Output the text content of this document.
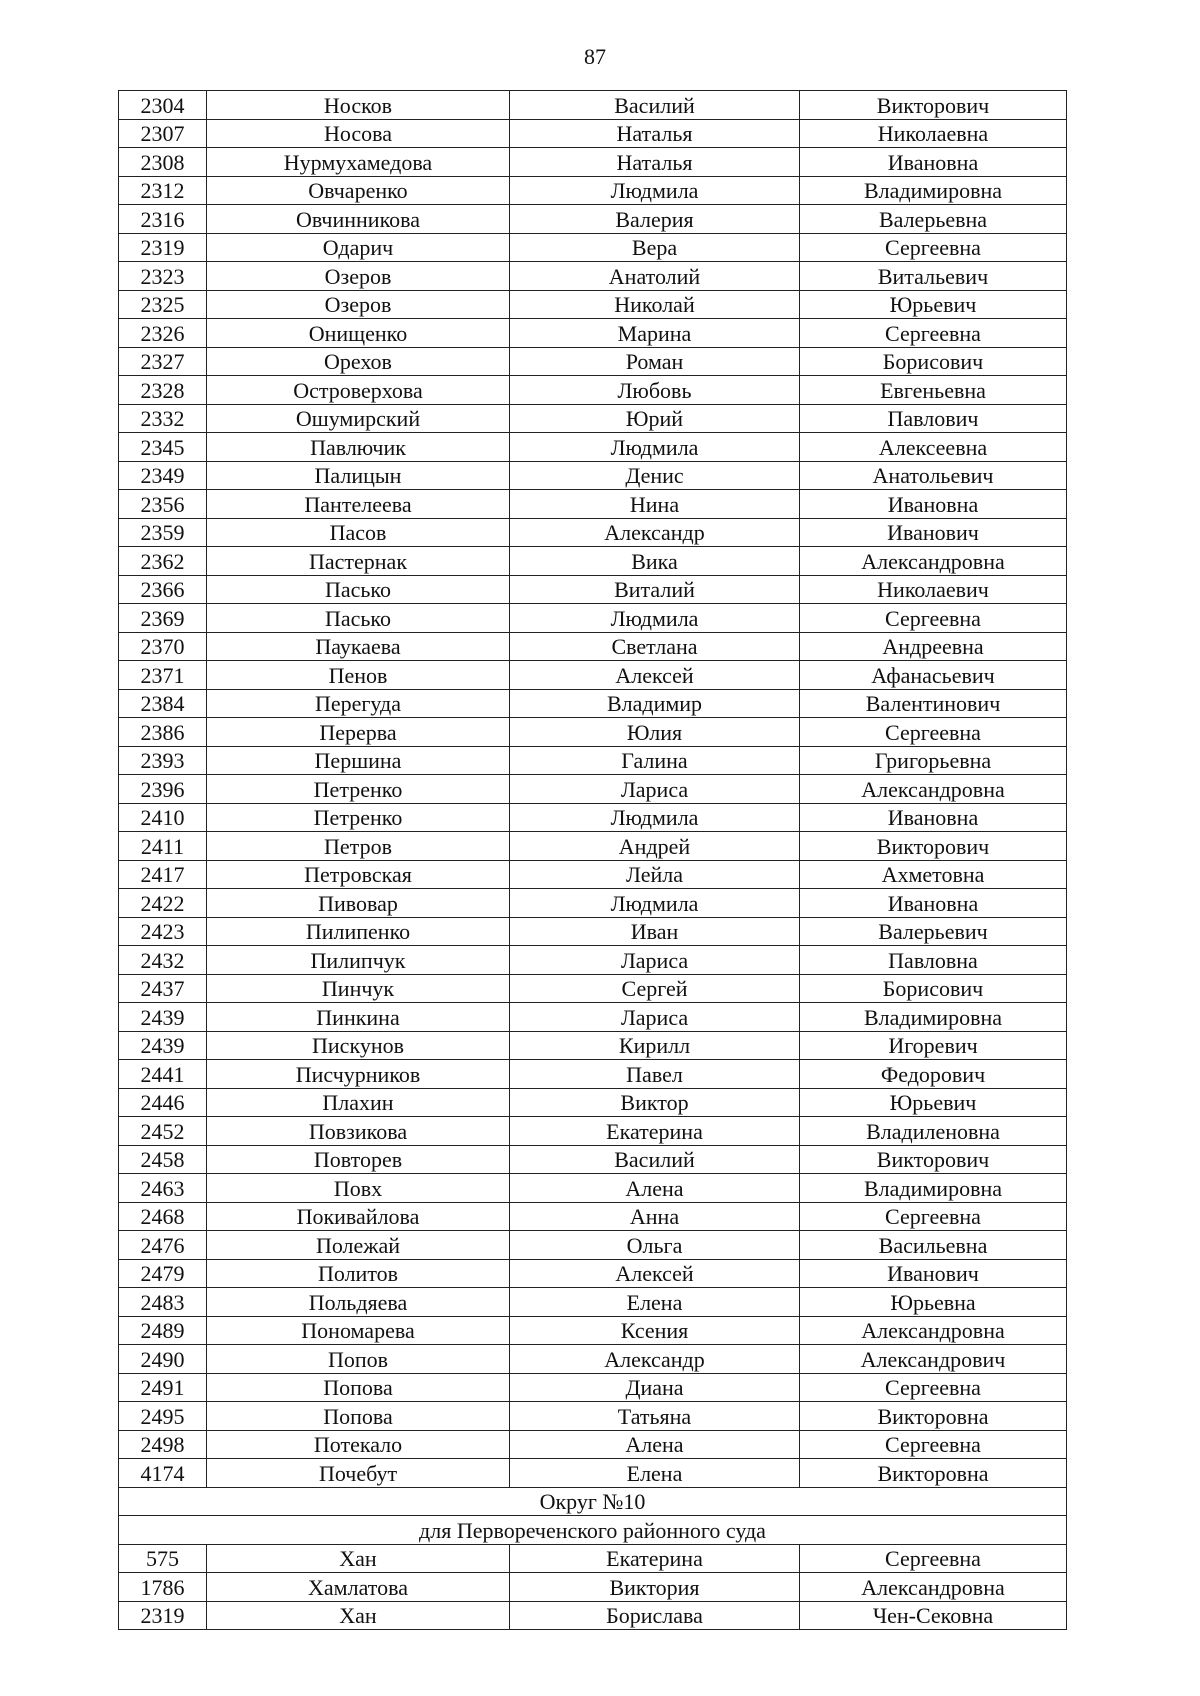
87
2304	Носков	Василий	Викторович
2307	Носова	Наталья	Николаевна
2308	Нурмухамедова	Наталья	Ивановна
2312	Овчаренко	Людмила	Владимировна
2316	Овчинникова	Валерия	Валерьевна
2319	Одарич	Вера	Сергеевна
2323	Озеров	Анатолий	Витальевич
2325	Озеров	Николай	Юрьевич
2326	Онищенко	Марина	Сергеевна
2327	Орехов	Роман	Борисович
2328	Островерхова	Любовь	Евгеньевна
2332	Ошумирский	Юрий	Павлович
2345	Павлючик	Людмила	Алексеевна
2349	Палицын	Денис	Анатольевич
2356	Пантелеева	Нина	Ивановна
2359	Пасов	Александр	Иванович
2362	Пастернак	Вика	Александровна
2366	Пасько	Виталий	Николаевич
2369	Пасько	Людмила	Сергеевна
2370	Паукаева	Светлана	Андреевна
2371	Пенов	Алексей	Афанасьевич
2384	Перегуда	Владимир	Валентинович
2386	Перерва	Юлия	Сергеевна
2393	Першина	Галина	Григорьевна
2396	Петренко	Лариса	Александровна
2410	Петренко	Людмила	Ивановна
2411	Петров	Андрей	Викторович
2417	Петровская	Лейла	Ахметовна
2422	Пивовар	Людмила	Ивановна
2423	Пилипенко	Иван	Валерьевич
2432	Пилипчук	Лариса	Павловна
2437	Пинчук	Сергей	Борисович
2439	Пинкина	Лариса	Владимировна
2439	Пискунов	Кирилл	Игоревич
2441	Писчурников	Павел	Федорович
2446	Плахин	Виктор	Юрьевич
2452	Повзикова	Екатерина	Владиленовна
2458	Повторев	Василий	Викторович
2463	Повх	Алена	Владимировна
2468	Покивайлова	Анна	Сергеевна
2476	Полежай	Ольга	Васильевна
2479	Политов	Алексей	Иванович
2483	Польдяева	Елена	Юрьевна
2489	Пономарева	Ксения	Александровна
2490	Попов	Александр	Александрович
2491	Попова	Диана	Сергеевна
2495	Попова	Татьяна	Викторовна
2498	Потекало	Алена	Сергеевна
4174	Почебут	Елена	Викторовна
Округ №10			
для Первореченского районного суда			
575	Хан	Екатерина	Сергеевна
1786	Хамлатова	Виктория	Александровна
2319	Хан	Борислава	Чен-Сековна
